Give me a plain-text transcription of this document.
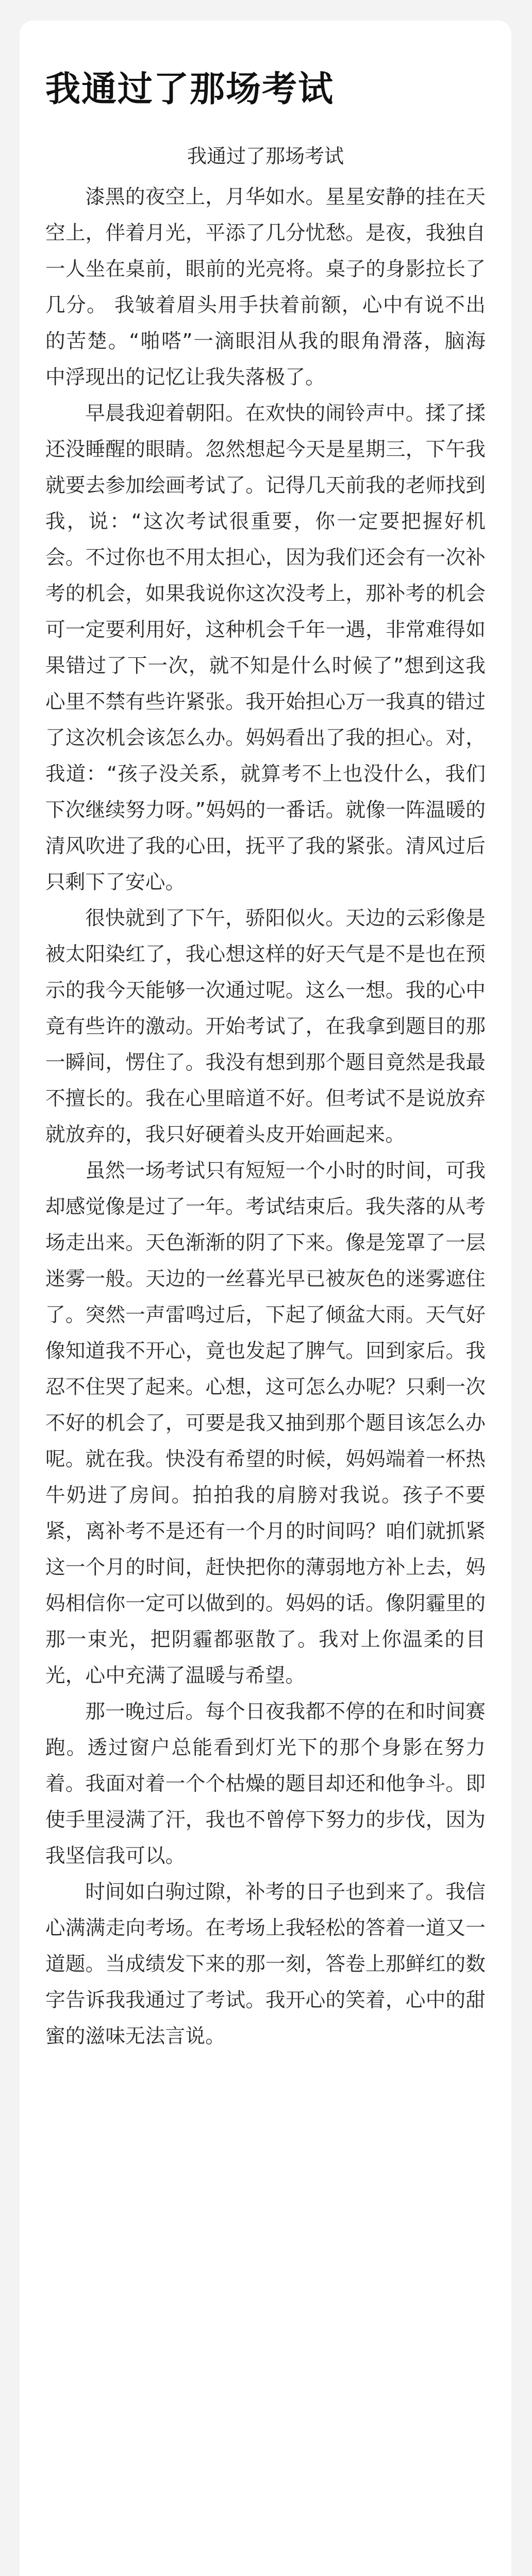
我通过了那场考试
我通过了那场考试

漆黑的夜空上，月华如水。星星安静的挂在天空上，伴着月光，平添了几分忧愁。是夜，我独自一人坐在桌前，眼前的光亮将。桌子的身影拉长了几分。 我皱着眉头用手扶着前额，心中有说不出的苦楚。“啪嗒”一滴眼泪从我的眼角滑落，脑海中浮现出的记忆让我失落极了。

早晨我迎着朝阳。在欢快的闹铃声中。揉了揉还没睡醒的眼睛。忽然想起今天是星期三，下午我就要去参加绘画考试了。记得几天前我的老师找到我，说：“这次考试很重要，你一定要把握好机会。不过你也不用太担心，因为我们还会有一次补考的机会，如果我说你这次没考上，那补考的机会可一定要利用好，这种机会千年一遇，非常难得如果错过了下一次，就不知是什么时候了”想到这我心里不禁有些许紧张。我开始担心万一我真的错过了这次机会该怎么办。妈妈看出了我的担心。对，我道：“孩子没关系，就算考不上也没什么，我们下次继续努力呀。”妈妈的一番话。就像一阵温暖的清风吹进了我的心田，抚平了我的紧张。清风过后只剩下了安心。

很快就到了下午，骄阳似火。天边的云彩像是被太阳染红了，我心想这样的好天气是不是也在预示的我今天能够一次通过呢。这么一想。我的心中竟有些许的激动。开始考试了，在我拿到题目的那一瞬间，愣住了。我没有想到那个题目竟然是我最不擅长的。我在心里暗道不好。但考试不是说放弃就放弃的，我只好硬着头皮开始画起来。

虽然一场考试只有短短一个小时的时间，可我却感觉像是过了一年。考试结束后。我失落的从考场走出来。天色渐渐的阴了下来。像是笼罩了一层迷雾一般。天边的一丝暮光早已被灰色的迷雾遮住了。突然一声雷鸣过后，下起了倾盆大雨。天气好像知道我不开心，竟也发起了脾气。回到家后。我忍不住哭了起来。心想，这可怎么办呢？只剩一次不好的机会了，可要是我又抽到那个题目该怎么办呢。就在我。快没有希望的时候，妈妈端着一杯热牛奶进了房间。拍拍我的肩膀对我说。孩子不要紧，离补考不是还有一个月的时间吗？咱们就抓紧这一个月的时间，赶快把你的薄弱地方补上去，妈妈相信你一定可以做到的。妈妈的话。像阴霾里的那一束光，把阴霾都驱散了。我对上你温柔的目光，心中充满了温暖与希望。

那一晚过后。每个日夜我都不停的在和时间赛跑。透过窗户总能看到灯光下的那个身影在努力着。我面对着一个个枯燥的题目却还和他争斗。即使手里浸满了汗，我也不曾停下努力的步伐，因为我坚信我可以。

时间如白驹过隙，补考的日子也到来了。我信心满满走向考场。在考场上我轻松的答着一道又一道题。当成绩发下来的那一刻，答卷上那鲜红的数字告诉我我通过了考试。我开心的笑着，心中的甜蜜的滋味无法言说。
